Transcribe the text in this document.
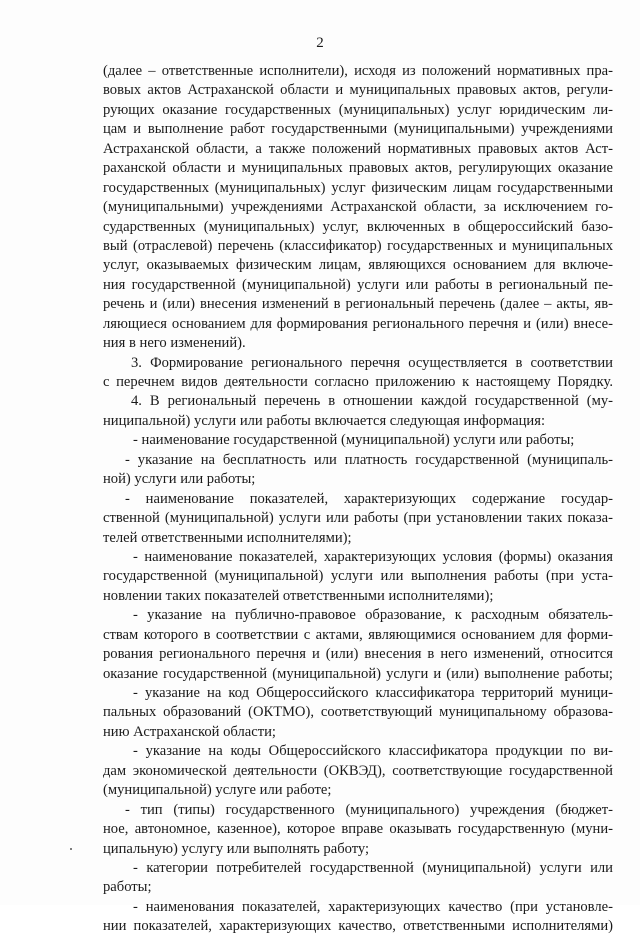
2
(далее – ответственные исполнители), исходя из положений нормативных пра-
вовых актов Астраханской области и муниципальных правовых актов, регули-
рующих оказание государственных (муниципальных) услуг юридическим ли-
цам и выполнение работ государственными (муниципальными) учреждениями
Астраханской области, а также положений нормативных правовых актов Аст-
раханской области и муниципальных правовых актов, регулирующих оказание
государственных (муниципальных) услуг физическим лицам государственными
(муниципальными) учреждениями Астраханской области, за исключением го-
сударственных (муниципальных) услуг, включенных в общероссийский базо-
вый (отраслевой) перечень (классификатор) государственных и муниципальных
услуг, оказываемых физическим лицам, являющихся основанием для включе-
ния государственной (муниципальной) услуги или работы в региональный пе-
речень и (или) внесения изменений в региональный перечень (далее – акты, яв-
ляющиеся основанием для формирования регионального перечня и (или) внесе-
ния в него изменений).
3. Формирование регионального перечня осуществляется в соответствии
с перечнем видов деятельности согласно приложению к настоящему Порядку.
4. В региональный перечень в отношении каждой государственной (му-
ниципальной) услуги или работы включается следующая информация:
- наименование государственной (муниципальной) услуги или работы;
- указание на бесплатность или платность государственной (муниципаль-
ной) услуги или работы;
- наименование показателей, характеризующих содержание государ-
ственной (муниципальной) услуги или работы (при установлении таких показа-
телей ответственными исполнителями);
- наименование показателей, характеризующих условия (формы) оказания
государственной (муниципальной) услуги или выполнения работы (при уста-
новлении таких показателей ответственными исполнителями);
- указание на публично-правовое образование, к расходным обязатель-
ствам которого в соответствии с актами, являющимися основанием для форми-
рования регионального перечня и (или) внесения в него изменений, относится
оказание государственной (муниципальной) услуги и (или) выполнение работы;
- указание на код Общероссийского классификатора территорий муници-
пальных образований (ОКТМО), соответствующий муниципальному образова-
нию Астраханской области;
- указание на коды Общероссийского классификатора продукции по ви-
дам экономической деятельности (ОКВЭД), соответствующие государственной
(муниципальной) услуге или работе;
- тип (типы) государственного (муниципального) учреждения (бюджет-
ное, автономное, казенное), которое вправе оказывать государственную (муни-
ципальную) услугу или выполнять работу;
- категории потребителей государственной (муниципальной) услуги или
работы;
- наименования показателей, характеризующих качество (при установле-
нии показателей, характеризующих качество, ответственными исполнителями)
